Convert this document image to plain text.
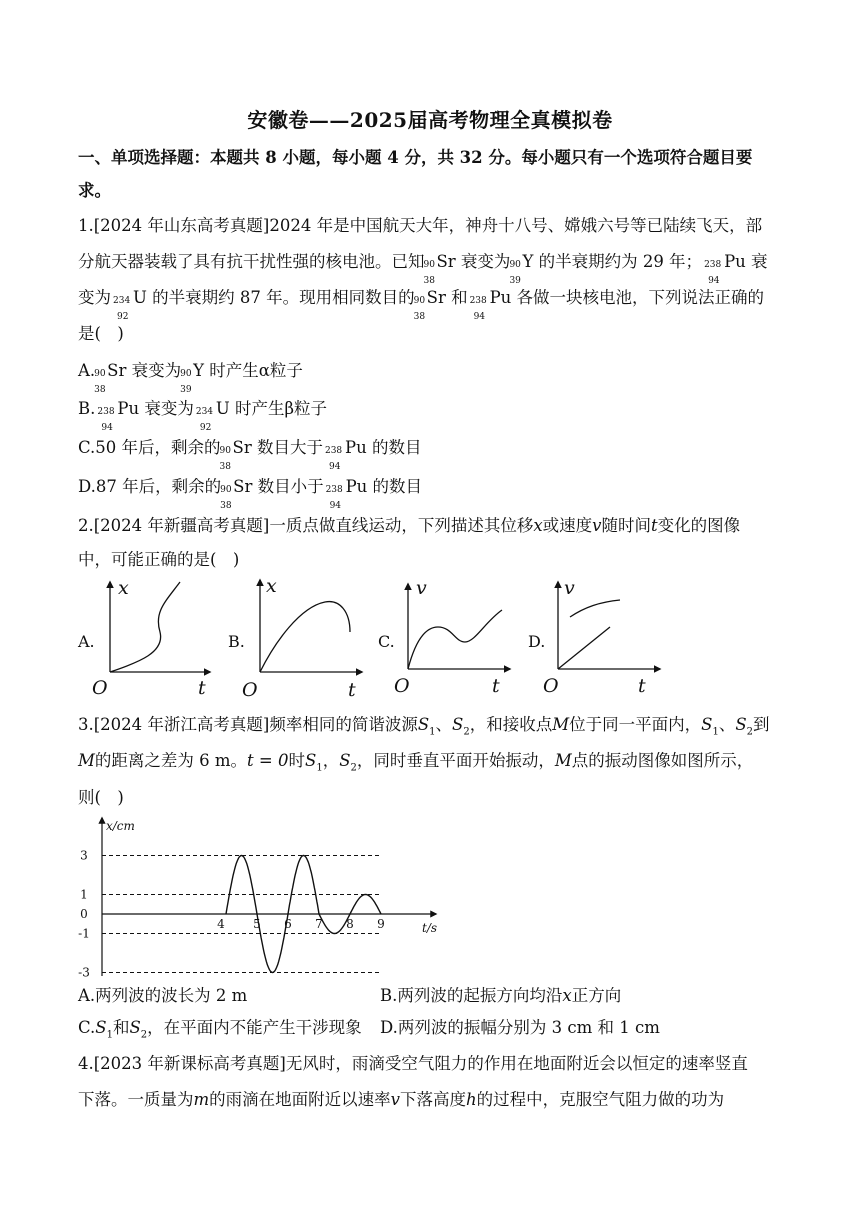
安徽卷——2025届高考物理全真模拟卷
一、单项选择题：本题共 8 小题，每小题 4 分，共 32 分。每小题只有一个选项符合题目要
求。
1.[2024 年山东高考真题]2024 年是中国航天大年，神舟十八号、嫦娥六号等已陆续飞天，部
分航天器装载了具有抗干扰性强的核电池。已知 90
38
Sr 衰变为 90
39
Y 的半衰期约为 29 年； 238
94
Pu 衰
变为 234
92
U 的半衰期约 87 年。现用相同数目的 90
38
Sr 和 238
94
Pu 各做一块核电池，下列说法正确的
是(　)
A. 90
38
Sr 衰变为 90
39
Y 时产生α粒子
B. 238
94
Pu 衰变为 234
92
U 时产生β粒子
C.50 年后，剩余的 90
38
Sr 数目大于 238
94
Pu 的数目
D.87 年后，剩余的 90
38
Sr 数目小于 238
94
Pu 的数目
2.[2024 年新疆高考真题]一质点做直线运动，下列描述其位移x或速度v随时间t变化的图像
中，可能正确的是(　)
A.
x
t
O
B.
x
t
O
C.
v
t
O
D.
v
t
O
3.[2024 年浙江高考真题]频率相同的简谐波源$S_1$、$S_2$，和接收点M位于同一平面内，$S_1$、$S_2$到
M的距离之差为 6 m。t = 0时$S_1$，$S_2$，同时垂直平面开始振动，M点的振动图像如图所示，
则(　)
x/cm
t/s
3
1
0
-1
-3
4 5 6 7 8 9
A.两列波的波长为 2 m	B.两列波的起振方向均沿x正方向
$C.S_1$和$S_2$，在平面内不能产生干涉现象 D.两列波的振幅分别为 3 cm 和 1 cm
4.[2023 年新课标高考真题]无风时，雨滴受空气阻力的作用在地面附近会以恒定的速率竖直
下落。一质量为m的雨滴在地面附近以速率v下落高度h的过程中，克服空气阻力做的功为
